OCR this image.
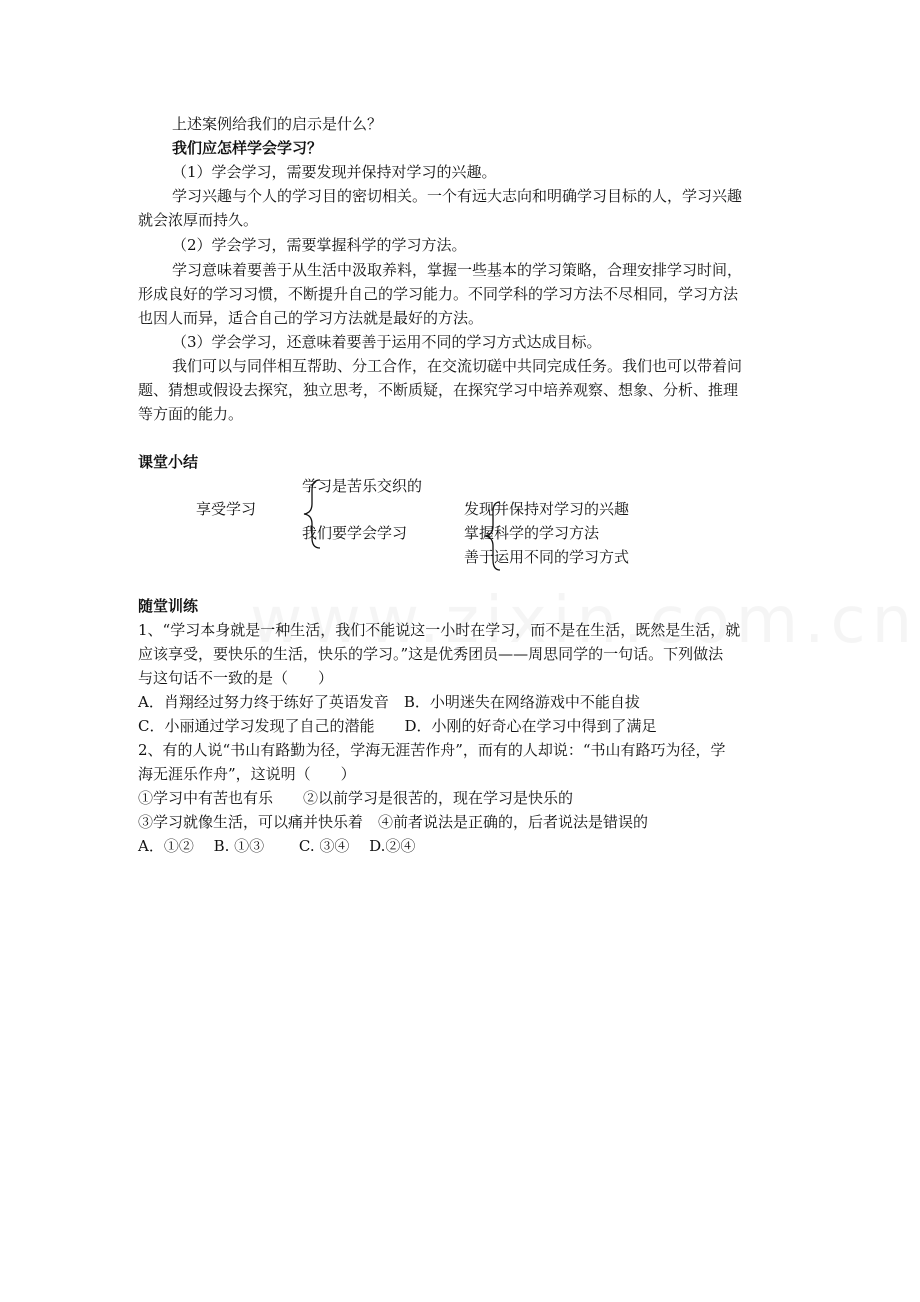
上述案例给我们的启示是什么？
我们应怎样学会学习？
（1）学会学习，需要发现并保持对学习的兴趣。
学习兴趣与个人的学习目的密切相关。一个有远大志向和明确学习目标的人，学习兴趣
就会浓厚而持久。
（2）学会学习，需要掌握科学的学习方法。
学习意味着要善于从生活中汲取养料，掌握一些基本的学习策略，合理安排学习时间，
形成良好的学习习惯，不断提升自己的学习能力。不同学科的学习方法不尽相同，学习方法
也因人而异，适合自己的学习方法就是最好的方法。
（3）学会学习，还意味着要善于运用不同的学习方式达成目标。
我们可以与同伴相互帮助、分工合作，在交流切磋中共同完成任务。我们也可以带着问
题、猜想或假设去探究，独立思考，不断质疑，在探究学习中培养观察、想象、分析、推理
等方面的能力。
课堂小结
享受学习
学习是苦乐交织的
我们要学会学习
发现并保持对学习的兴趣
掌握科学的学习方法
善于运用不同的学习方式
随堂训练
1、“学习本身就是一种生活，我们不能说这一小时在学习，而不是在生活，既然是生活，就
应该享受，要快乐的生活，快乐的学习。”这是优秀团员——周思同学的一句话。下列做法
与这句话不一致的是（　　）
A．肖翔经过努力终于练好了英语发音　B．小明迷失在网络游戏中不能自拔
C．小丽通过学习发现了自己的潜能　　D．小刚的好奇心在学习中得到了满足
2、有的人说“书山有路勤为径，学海无涯苦作舟”，而有的人却说：“书山有路巧为径，学
海无涯乐作舟”，这说明（　　）
①学习中有苦也有乐　　②以前学习是很苦的，现在学习是快乐的
③学习就像生活，可以痛并快乐着　④前者说法是正确的，后者说法是错误的
A．①②　 B. ①③　　 C. ③④　 D.②④
